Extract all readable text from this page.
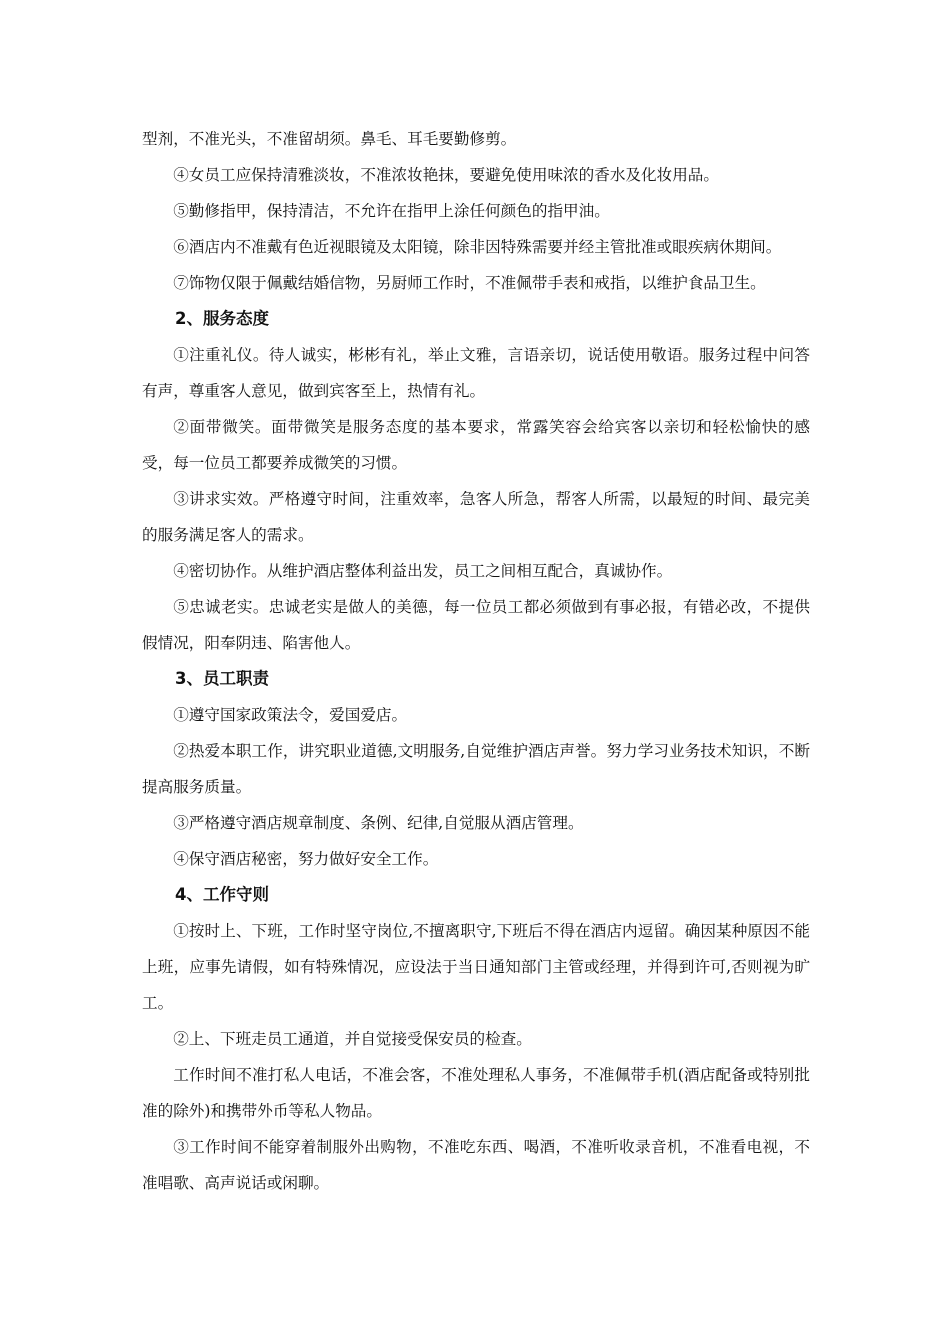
型剂，不准光头，不准留胡须。鼻毛、耳毛要勤修剪。

④女员工应保持清雅淡妆，不准浓妆艳抹，要避免使用味浓的香水及化妆用品。

⑤勤修指甲，保持清洁，不允许在指甲上涂任何颜色的指甲油。

⑥酒店内不准戴有色近视眼镜及太阳镜，除非因特殊需要并经主管批准或眼疾病休期间。

⑦饰物仅限于佩戴结婚信物，另厨师工作时，不准佩带手表和戒指，以维护食品卫生。

2、服务态度

①注重礼仪。待人诚实，彬彬有礼，举止文雅，言语亲切，说话使用敬语。服务过程中问答有声，尊重客人意见，做到宾客至上，热情有礼。

②面带微笑。面带微笑是服务态度的基本要求，常露笑容会给宾客以亲切和轻松愉快的感受，每一位员工都要养成微笑的习惯。

③讲求实效。严格遵守时间，注重效率，急客人所急，帮客人所需，以最短的时间、最完美的服务满足客人的需求。

④密切协作。从维护酒店整体利益出发，员工之间相互配合，真诚协作。

⑤忠诚老实。忠诚老实是做人的美德，每一位员工都必须做到有事必报，有错必改，不提供假情况，阳奉阴违、陷害他人。

3、员工职责

①遵守国家政策法令，爱国爱店。

②热爱本职工作，讲究职业道德,文明服务,自觉维护酒店声誉。努力学习业务技术知识，不断提高服务质量。

③严格遵守酒店规章制度、条例、纪律,自觉服从酒店管理。

④保守酒店秘密，努力做好安全工作。

4、工作守则

①按时上、下班，工作时坚守岗位,不擅离职守,下班后不得在酒店内逗留。确因某种原因不能上班，应事先请假，如有特殊情况，应设法于当日通知部门主管或经理，并得到许可,否则视为旷工。

②上、下班走员工通道，并自觉接受保安员的检查。

工作时间不准打私人电话，不准会客，不准处理私人事务，不准佩带手机(酒店配备或特别批准的除外)和携带外币等私人物品。

③工作时间不能穿着制服外出购物，不准吃东西、喝酒，不准听收录音机，不准看电视，不准唱歌、高声说话或闲聊。
